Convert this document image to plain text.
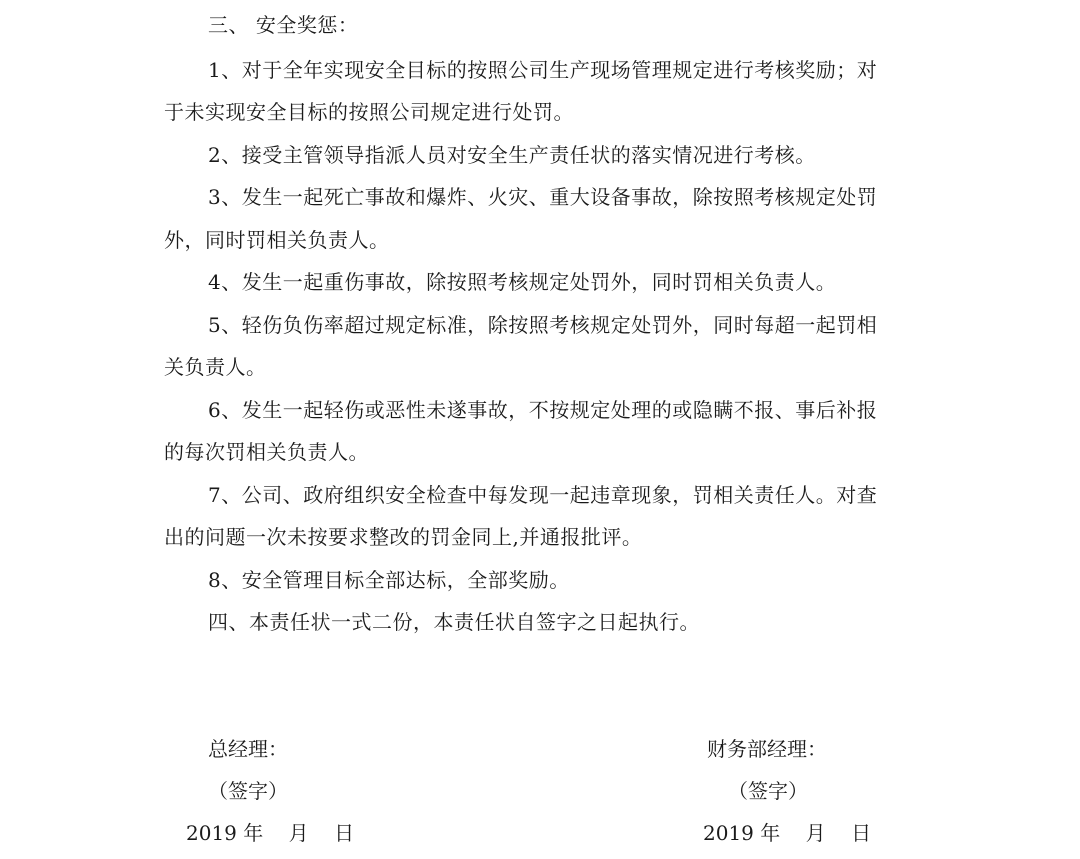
三、 安全奖惩：
1、对于全年实现安全目标的按照公司生产现场管理规定进行考核奖励；对
于未实现安全目标的按照公司规定进行处罚。
2、接受主管领导指派人员对安全生产责任状的落实情况进行考核。
3、发生一起死亡事故和爆炸、火灾、重大设备事故，除按照考核规定处罚
外，同时罚相关负责人。
4、发生一起重伤事故，除按照考核规定处罚外，同时罚相关负责人。
5、轻伤负伤率超过规定标准，除按照考核规定处罚外，同时每超一起罚相
关负责人。
6、发生一起轻伤或恶性未遂事故，不按规定处理的或隐瞒不报、事后补报
的每次罚相关负责人。
7、公司、政府组织安全检查中每发现一起违章现象，罚相关责任人。对查
出的问题一次未按要求整改的罚金同上,并通报批评。
8、安全管理目标全部达标，全部奖励。
四、本责任状一式二份，本责任状自签字之日起执行。
总经理：
（签字）
2019 年    月    日
财务部经理：
（签字）
2019 年    月    日
